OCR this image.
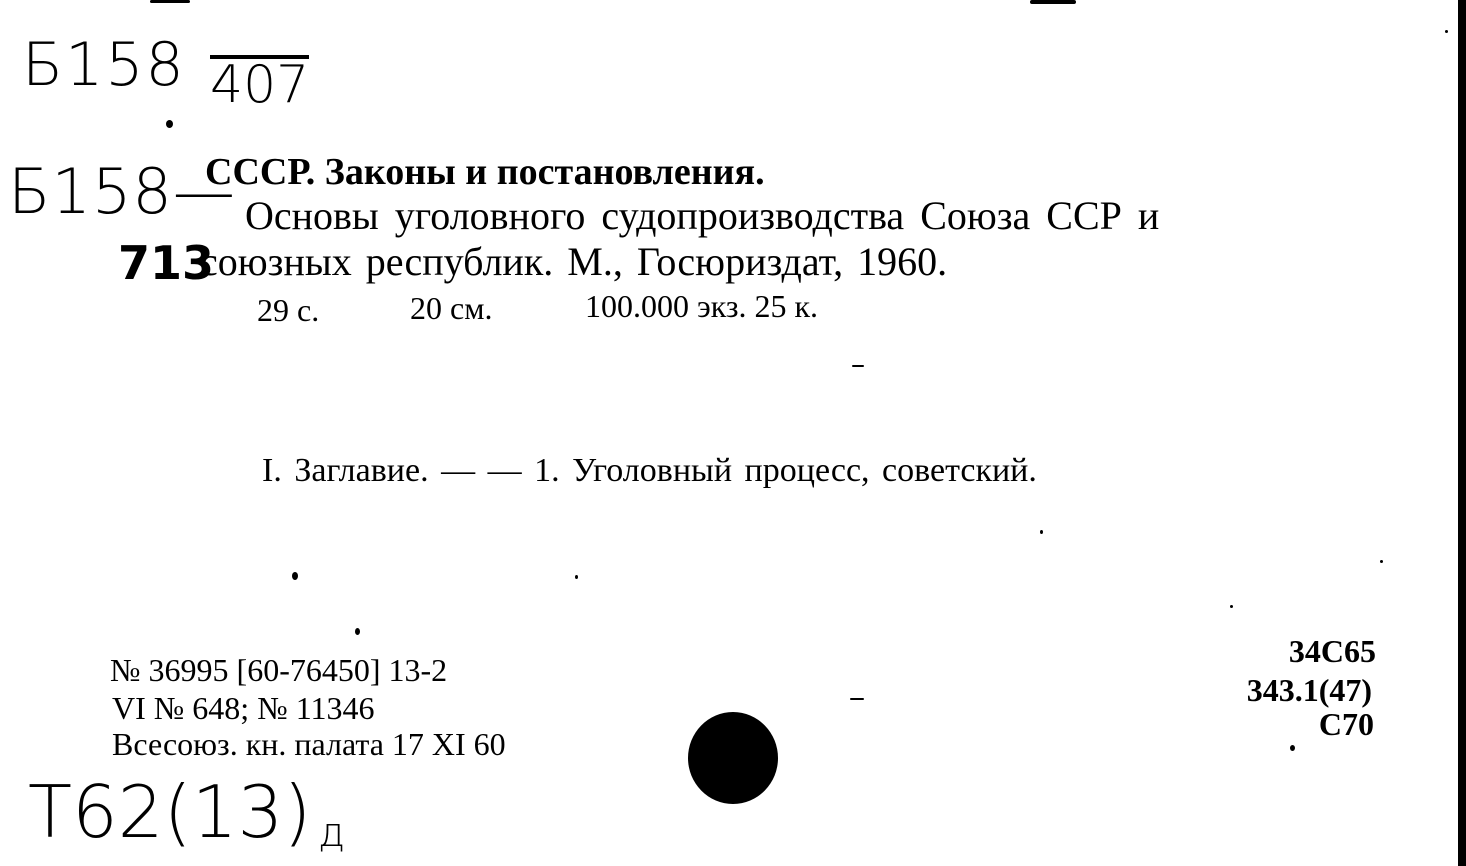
Б158 407
Б158—
713
СССР. Законы и постановления.
Основы уголовного судопроизводства Союза ССР и
союзных республик. М., Госюриздат, 1960.
29 с.	20 см.	100.000 экз. 25 к.
I. Заглавие. — — 1. Уголовный процесс, советский.
№ 36995 [60-76450] 13-2
VI № 648; № 11346
Всесоюз. кн. палата 17 XI 60
34С65
343.1(47)
С70
Т62(13) д
